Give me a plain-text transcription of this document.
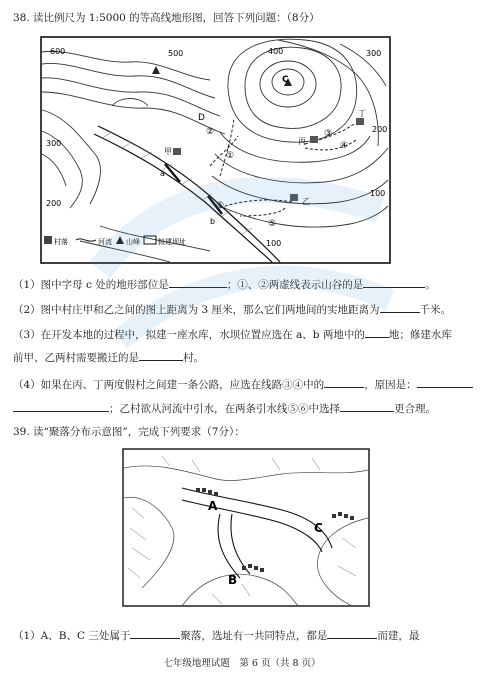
38. 读比例尺为 1:5000 的等高线地形图，回答下列问题：（8分）
600	500	400	300
200
100
300
200
100
C
D
甲
乙
丙
丁
a
b
①
②	③
④
⑤
⑥
村落	河流 山峰	拟建坝址
（1）图中字母 c 处的地形部位是	；①、②两虚线表示山谷的是	。
（2）图中村庄甲和乙之间的图上距离为 3 厘米，那么它们两地间的实地距离为	千米。
（3）在开发本地的过程中，拟建一座水库，水坝位置应选在 a、b 两地中的 地；修建水库
前甲、乙两村需要搬迁的是	村。
（4）如果在丙、丁两度假村之间建一条公路，应选在线路③④中的	，原因是：
；乙村欲从河流中引水，在两条引水线⑤⑥中选择	更合理。
39. 读“聚落分布示意图”，完成下列要求（7分）：
A
B
C
（1）A、B、C 三处属于	聚落，选址有一共同特点，都是	而建，最
七年级地理试题　第 6 页（共 8 页）
